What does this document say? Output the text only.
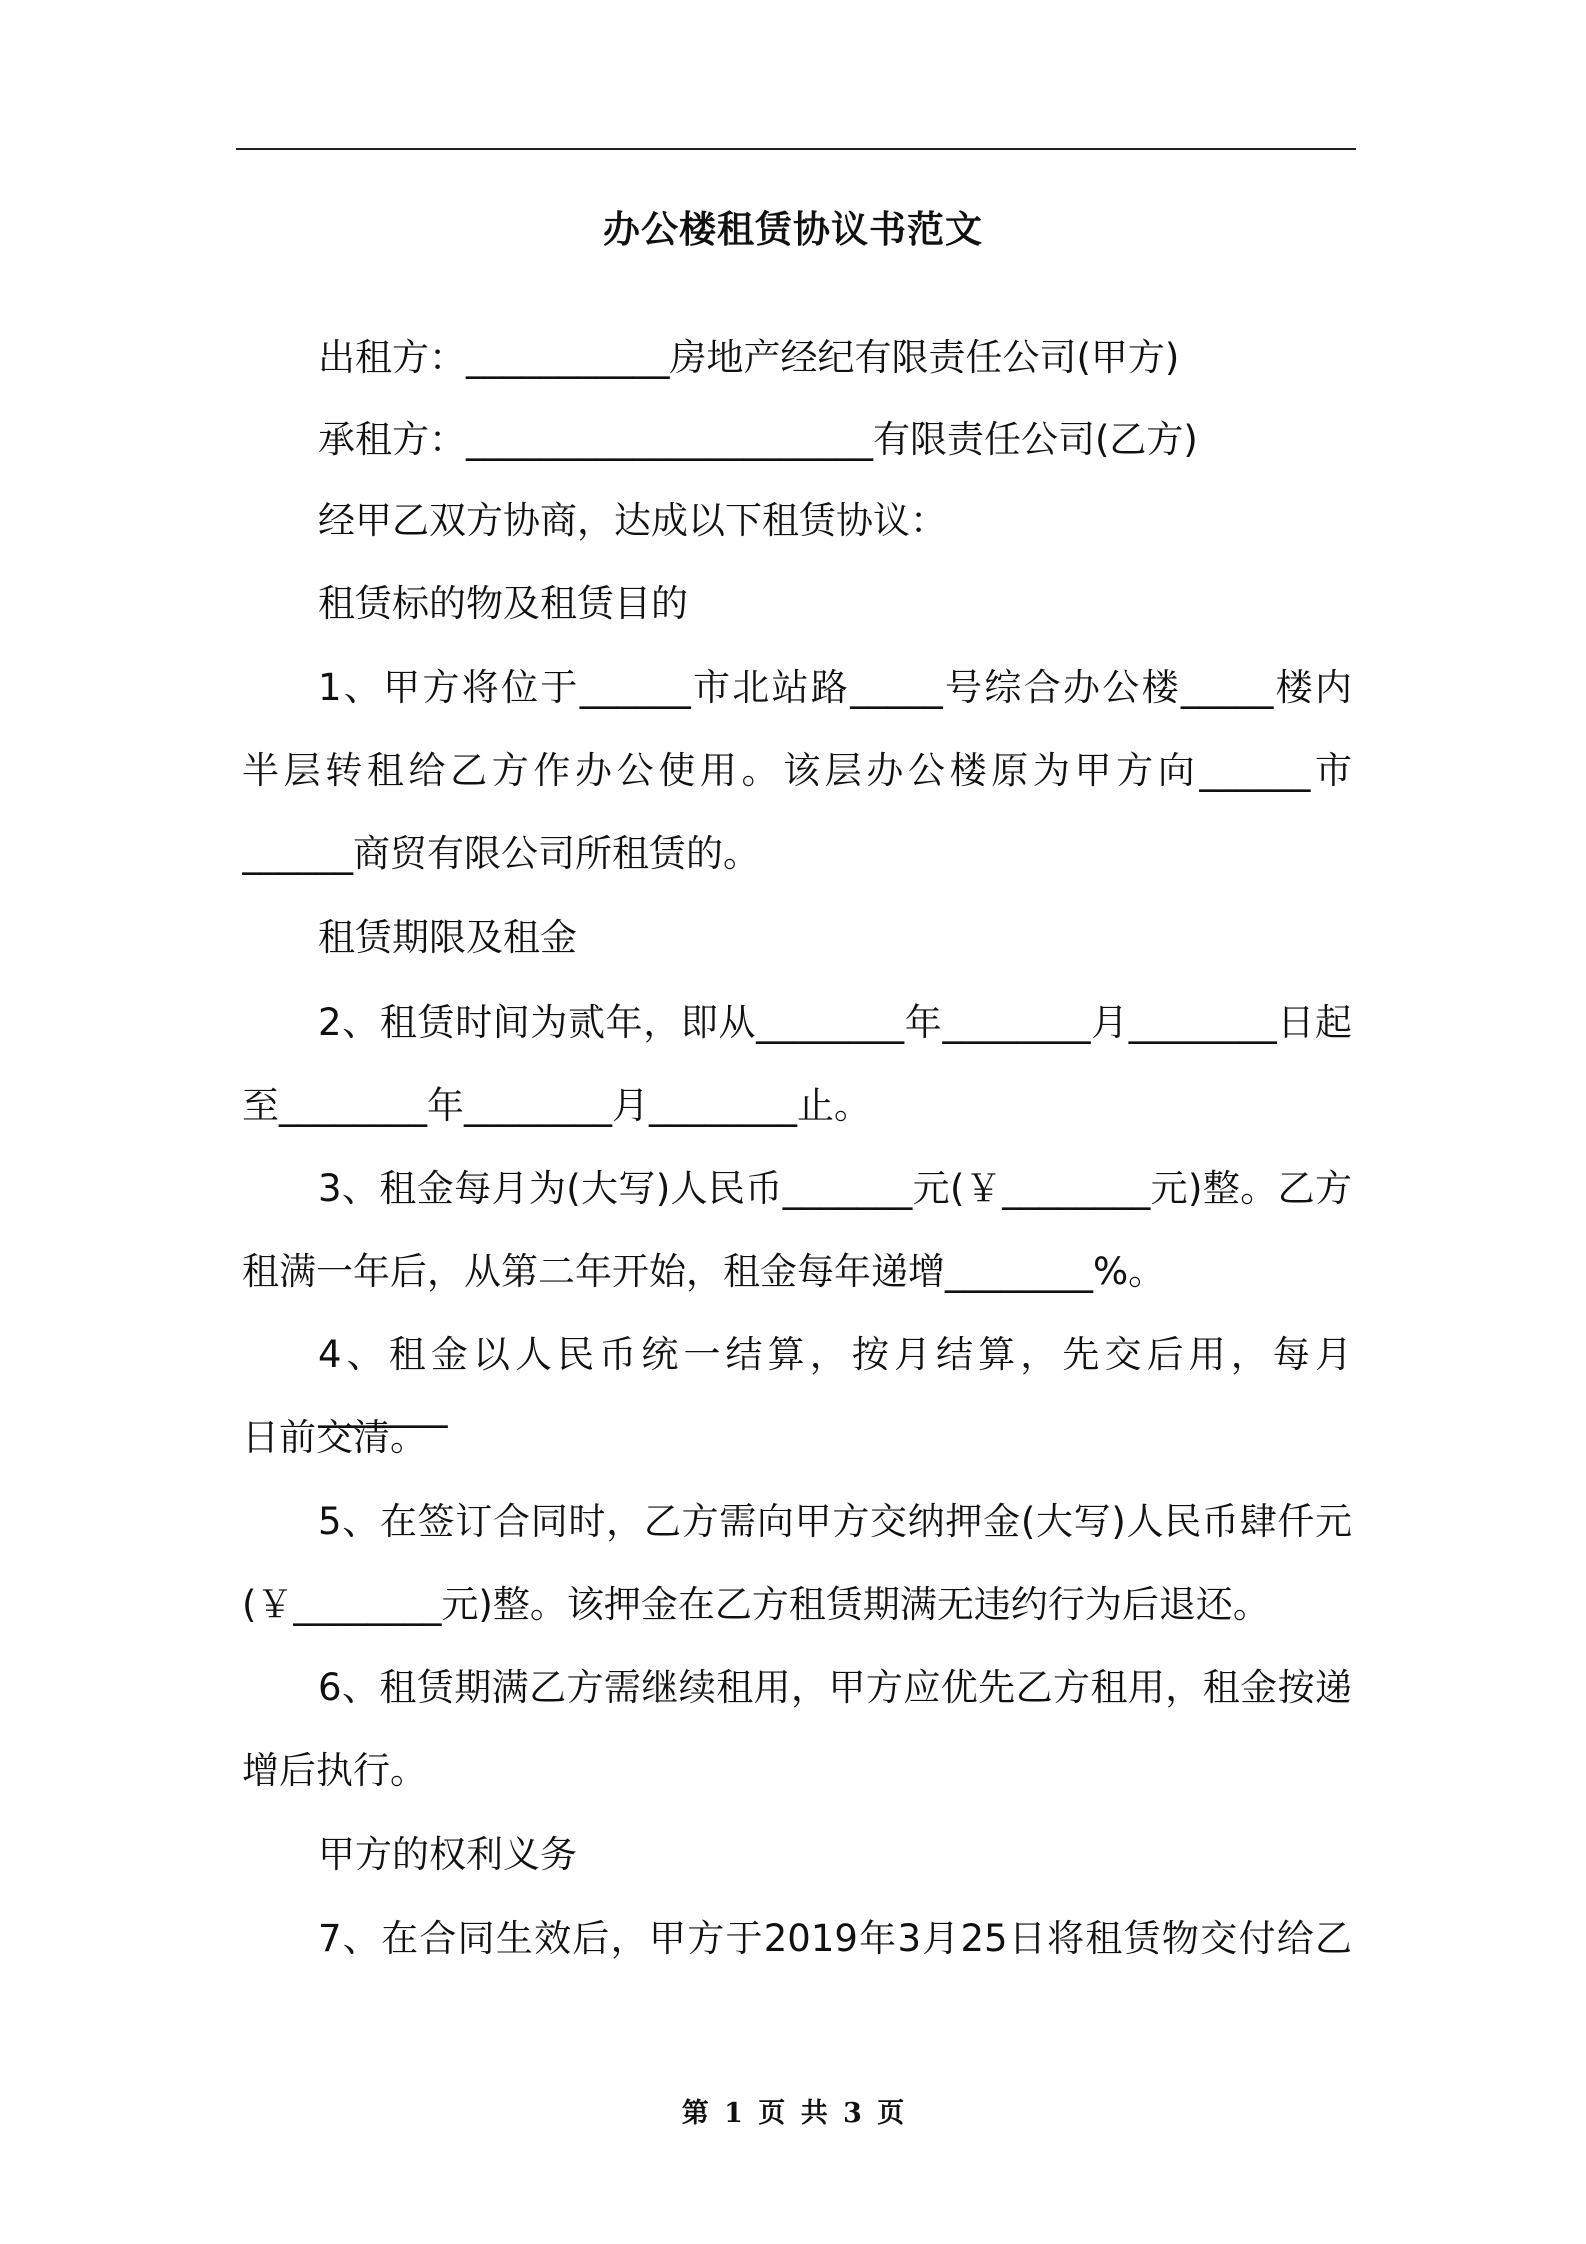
办公楼租赁协议书范文
出租方：___________房地产经纪有限责任公司(甲方)
承租方：______________________有限责任公司(乙方)
经甲乙双方协商，达成以下租赁协议：
租赁标的物及租赁目的
1、甲方将位于______市北站路_____号综合办公楼_____楼内
半层转租给乙方作办公使用。该层办公楼原为甲方向______市
______商贸有限公司所租赁的。
租赁期限及租金
2、租赁时间为贰年，即从________年________月________日起
至________年________月________止。
3、租金每月为(大写)人民币_______元(￥________元)整。乙方
租满一年后，从第二年开始，租金每年递增________%。
4、租金以人民币统一结算，按月结算，先交后用，每月_______
日前交清。
5、在签订合同时，乙方需向甲方交纳押金(大写)人民币肆仟元
(￥________元)整。该押金在乙方租赁期满无违约行为后退还。
6、租赁期满乙方需继续租用，甲方应优先乙方租用，租金按递
增后执行。
甲方的权利义务
7、在合同生效后，甲方于2019年3月25日将租赁物交付给乙
第 1 页 共 3 页
